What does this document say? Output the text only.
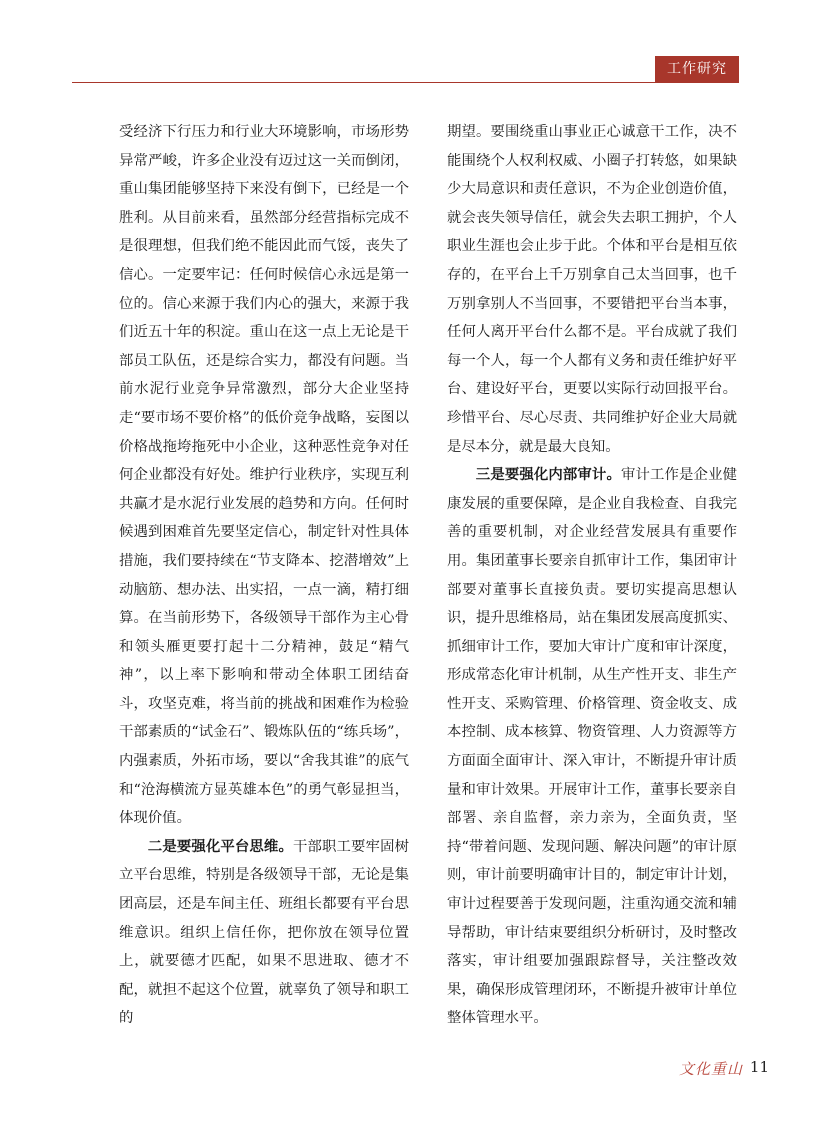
工作研究

受经济下行压力和行业大环境影响，市场形势异常严峻，许多企业没有迈过这一关而倒闭，重山集团能够坚持下来没有倒下，已经是一个胜利。从目前来看，虽然部分经营指标完成不是很理想，但我们绝不能因此而气馁，丧失了信心。一定要牢记：任何时候信心永远是第一位的。信心来源于我们内心的强大，来源于我们近五十年的积淀。重山在这一点上无论是干部员工队伍，还是综合实力，都没有问题。当前水泥行业竞争异常激烈，部分大企业坚持走“要市场不要价格”的低价竞争战略，妄图以价格战拖垮拖死中小企业，这种恶性竞争对任何企业都没有好处。维护行业秩序，实现互利共赢才是水泥行业发展的趋势和方向。任何时候遇到困难首先要坚定信心，制定针对性具体措施，我们要持续在“节支降本、挖潜增效”上动脑筋、想办法、出实招，一点一滴，精打细算。在当前形势下，各级领导干部作为主心骨和领头雁更要打起十二分精神，鼓足“精气神”，以上率下影响和带动全体职工团结奋斗，攻坚克难，将当前的挑战和困难作为检验干部素质的“试金石”、锻炼队伍的“练兵场”，内强素质，外拓市场，要以“舍我其谁”的底气和“沧海横流方显英雄本色”的勇气彰显担当，体现价值。

二是要强化平台思维。干部职工要牢固树立平台思维，特别是各级领导干部，无论是集团高层，还是车间主任、班组长都要有平台思维意识。组织上信任你，把你放在领导位置上，就要德才匹配，如果不思进取、德才不配，就担不起这个位置，就辜负了领导和职工的

期望。要围绕重山事业正心诚意干工作，决不能围绕个人权利权威、小圈子打转悠，如果缺少大局意识和责任意识，不为企业创造价值，就会丧失领导信任，就会失去职工拥护，个人职业生涯也会止步于此。个体和平台是相互依存的，在平台上千万别拿自己太当回事，也千万别拿别人不当回事，不要错把平台当本事，任何人离开平台什么都不是。平台成就了我们每一个人，每一个人都有义务和责任维护好平台、建设好平台，更要以实际行动回报平台。珍惜平台、尽心尽责、共同维护好企业大局就是尽本分，就是最大良知。

三是要强化内部审计。审计工作是企业健康发展的重要保障，是企业自我检查、自我完善的重要机制，对企业经营发展具有重要作用。集团董事长要亲自抓审计工作，集团审计部要对董事长直接负责。要切实提高思想认识，提升思维格局，站在集团发展高度抓实、抓细审计工作，要加大审计广度和审计深度，形成常态化审计机制，从生产性开支、非生产性开支、采购管理、价格管理、资金收支、成本控制、成本核算、物资管理、人力资源等方方面面全面审计、深入审计，不断提升审计质量和审计效果。开展审计工作，董事长要亲自部署、亲自监督，亲力亲为，全面负责，坚持“带着问题、发现问题、解决问题”的审计原则，审计前要明确审计目的，制定审计计划，审计过程要善于发现问题，注重沟通交流和辅导帮助，审计结束要组织分析研讨，及时整改落实，审计组要加强跟踪督导，关注整改效果，确保形成管理闭环，不断提升被审计单位整体管理水平。

文化重山 11
